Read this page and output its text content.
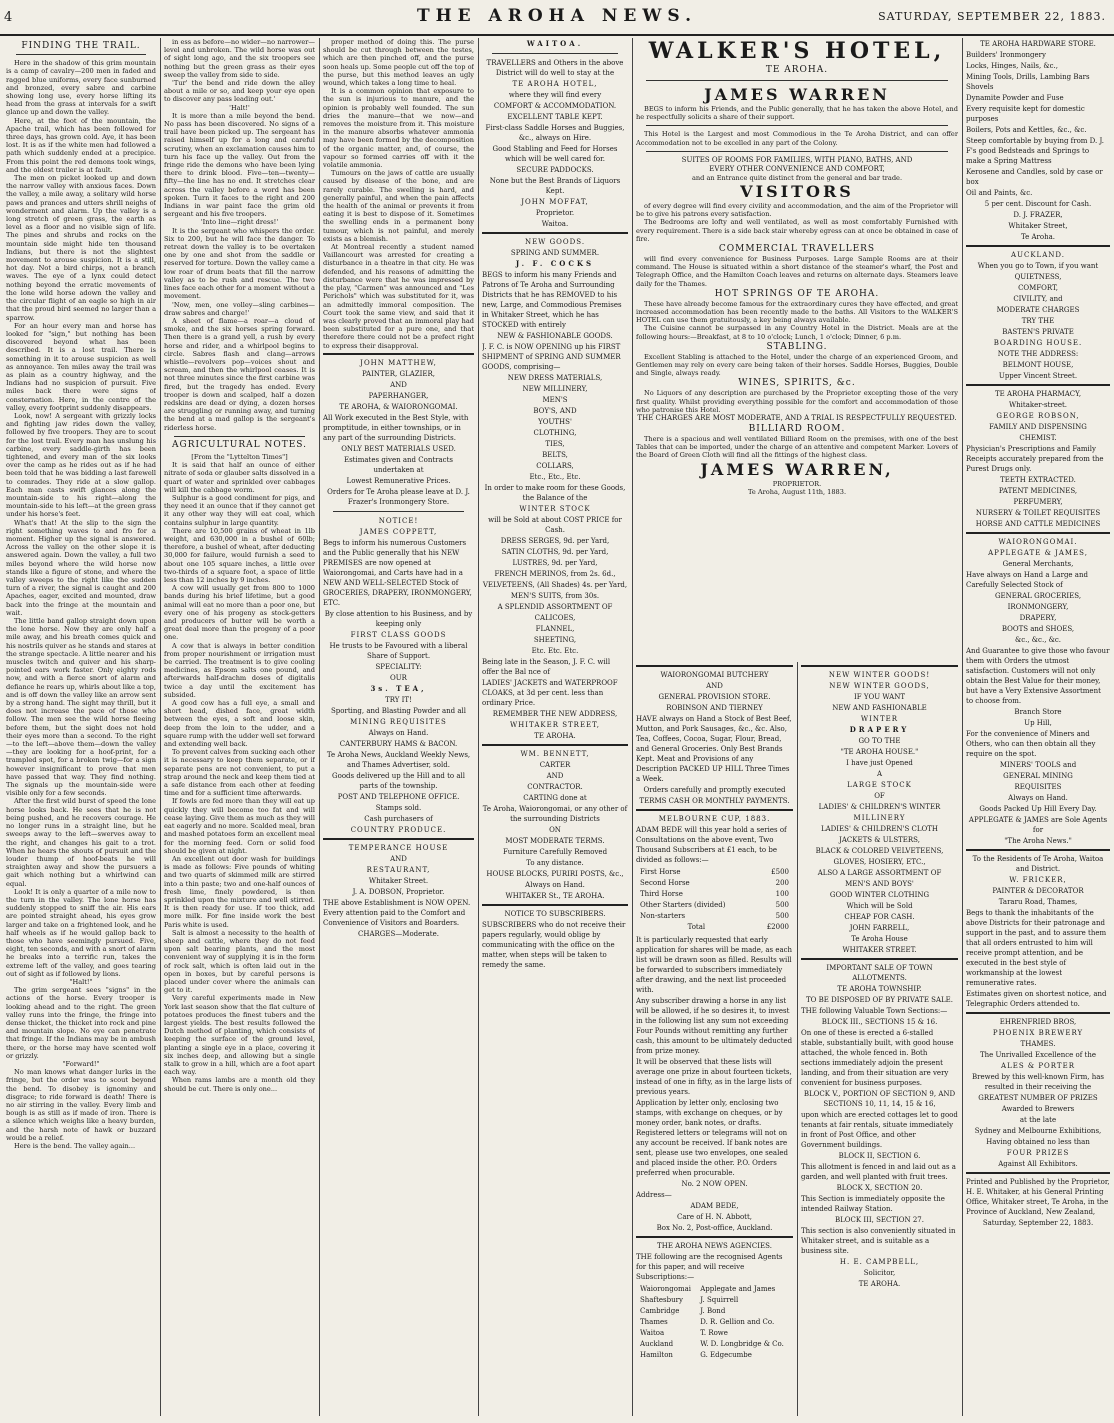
4	THE AROHA NEWS.	SATURDAY, SEPTEMBER 22, 1883.
FINDING THE TRAIL.

Here in the shadow of this grim mountain is a camp of cavalry—200 men in faded and ragged blue uniforms, every face sunburned and bronzed, every sabre and carbine showing long use, every horse lifting its head from the grass at intervals for a swift glance up and down the valley.

Here, at the foot of the mountain, the Apache trail, which has been followed for three days, has grown cold. Aye, it has been lost. It is as if the white men had followed a path which suddenly ended at a precipice. From this point the red demons took wings, and the oldest trailer is at fault.

The men on picket looked up and down the narrow valley with anxious faces. Down the valley, a mile away, a solitary wild horse paws and prances and utters shrill neighs of wonderment and alarm. Up the valley is a long stretch of green grass, the earth as level as a floor and no visible sign of life. The pines and shrubs and rocks on the mountain side might hide ten thousand Indians, but there is not the slightest movement to arouse suspicion. It is a still, hot day. Not a bird chirps, not a branch waves. The eye of a lynx could detect nothing beyond the erratic movements of the lone wild horse adown the valley and the circular flight of an eagle so high in air that the proud bird seemed no larger than a sparrow.

For an hour every man and horse has looked for "sign," but nothing has been discovered beyond what has been described. It is a lost trail. There is something in it to arouse suspicion as well as annoyance. Ten miles away the trail was as plain as a country highway, and the Indians had no suspicion of pursuit. Five miles back there were signs of consternation. Here, in the centre of the valley, every footprint suddenly disappears.

Look, now! A sergeant with grizzly locks and fighting jaw rides down the valley, followed by five troopers. They are to scout for the lost trail. Every man has unslung his carbine, every saddle-girth has been tightened, and every man of the six looks over the camp as he rides out as if he had been told that he was bidding a last farewell to comrades. They ride at a slow gallop. Each man casts swift glances along the mountain-side to his right—along the mountain-side to his left—at the green grass under his horse's feet.

What's that! At the slip to the sign the right something waves to and fro for a moment. Higher up the signal is answered. Across the valley on the other slope it is answered again. Down the valley, a full two miles beyond where the wild horse now stands like a figure of stone, and where the valley sweeps to the right like the sudden turn of a river, the signal is caught and 200 Apaches, eager, excited and mounted, draw back into the fringe at the mountain and wait.

The little band gallop straight down upon the lone horse. Now they are only half a mile away, and his breath comes quick and his nostrils quiver as he stands and stares at the strange spectacle. A little nearer and his muscles twitch and quiver and his sharp-pointed ears work faster. Only eighty rods now, and with a fierce snort of alarm and defiance he rears up, whirls about like a top, and is off down the valley like an arrow sent by a strong hand. The sight may thrill, but it does not increase the pace of those who follow. The men see the wild horse fleeing before them, but the sight does not hold their eyes more than a second. To the right—to the left—above them—down the valley—they are looking for a hoof-print, for a trampled spot, for a broken twig—for a sign however insignificant to prove that men have passed that way. They find nothing. The signals up the mountain-side were visible only for a few seconds.

After the first wild burst of speed the lone horse looks back. He sees that he is not being pushed, and he recovers courage. He no longer runs in a straight line, but he sweeps away to the left—swerves away to the right, and changes his gait to a trot. When he hears the shouts of pursuit and the louder thump of hoof-beats he will straighten away and show the pursuers a gait which nothing but a whirlwind can equal.

Look! It is only a quarter of a mile now to the turn in the valley. The lone horse has suddenly stopped to sniff the air. His ears are pointed straight ahead, his eyes grow larger and take on a frightened look, and he half wheels as if he would gallop back to those who have seemingly pursued. Five, eight, ten seconds, and with a snort of alarm he breaks into a terrific run, takes the extreme left of the valley, and goes tearing out of sight as if followed by lions.

"Halt!"

The grim sergeant sees "signs" in the actions of the horse. Every trooper is looking ahead and to the right. The green valley runs into the fringe, the fringe into dense thicket, the thicket into rock and pine and mountain slope. No eye can penetrate that fringe. If the Indians may be in ambush there, or the horse may have scented wolf or grizzly.

"Forward!"

No man knows what danger lurks in the fringe, but the order was to scout beyond the bend. To disobey is ignominy and disgrace; to ride forward is death! There is no air stirring in the valley. Every limb and bough is as still as if made of iron. There is a silence which weighs like a heavy burden, and the harsh note of hawk or buzzard would be a relief.

Here is the bend. The valley again...

in ess as before—no wider—no narrower—level and unbroken. The wild horse was out of sight long ago, and the six troopers see nothing but the green grass as their eyes sweep the valley from side to side.

'Tur' the bend and ride down the alley about a mile or so, and keep your eye open to discover any pass leading out.'

'Halt!'

It is more than a mile beyond the bend. No pass has been discovered. No signs of a trail have been picked up. The sergeant has raised himself up for a long and careful scrutiny, when an exclamation causes him to turn his face up the valley. Out from the fringe ride the demons who have been lying there to drink blood. Five—ten—twenty—fifty—the line has no end. It stretches clear across the valley before a word has been spoken. Turn it faces to the right and 200 Indians in war paint face the grim old sergeant and his five troopers.

'Into line—right dress!'

It is the sergeant who whispers the order. Six to 200, but he will face the danger. To retreat down the valley is to be overtaken one by one and shot from the saddle or reserved for torture. Down the valley came a low roar of drum beats that fill the narrow valley as to be rush and rescue. The two lines face each other for a moment without a movement.

'Now, men, one volley—sling carbines—draw sabres and charge!'

A sheet of flame—a roar—a cloud of smoke, and the six horses spring forward. Then there is a grand yell, a rush by every horse and rider, and a whirlpool begins to circle. Sabres flash and clang—arrows whistle—revolvers pop—voices shout and scream, and then the whirlpool ceases. It is not three minutes since the first carbine was fired, but the tragedy has ended. Every trooper is down and scalped, half a dozen redskins are dead or dying, a dozen horses are struggling or running away, and turning the bend at a mad gallop is the sergeant's riderless horse.

AGRICULTURAL NOTES.

[From the "Lyttelton Times"]

It is said that half an ounce of either nitrate of soda or glauber salts dissolved in a quart of water and sprinkled over cabbages will kill the cabbage worm.

Sulphur is a good condiment for pigs, and they need it an ounce that if they cannot get it any other way they will eat coal, which contains sulphur in large quantity.

There are 10,500 grains of wheat in 1lb weight, and 630,000 in a bushel of 60lb; therefore, a bushel of wheat, after deducting 30,000 for failure, would furnish a seed to about one 105 square inches, a little over two-thirds of a square foot, a space of little less than 12 inches by 9 inches.

A cow will usually get from 800 to 1000 bands during his brief lifetime, but a good animal will eat no more than a poor one, but every one of his progeny as stock-getters and producers of butter will be worth a great deal more than the progeny of a poor one.

A cow that is always in better condition from proper nourishment or irrigation must be carried. The treatment is to give cooling medicines, as Epsom salts one pound, and afterwards half-drachm doses of digitalis twice a day until the excitement has subsided.

A good cow has a full eye, a small and short head, dished face, great width between the eyes, a soft and loose skin, deep from the loin to the udder, and a square rump with the udder well set forward and extending well back.

To prevent calves from sucking each other it is necessary to keep them separate, or if separate pens are not convenient, to put a strap around the neck and keep them tied at a safe distance from each other at feeding time and for a sufficient time afterwards.

If fowls are fed more than they will eat up quickly they will become too fat and will cease laying. Give them as much as they will eat eagerly and no more. Scalded meal, bran and mashed potatoes form an excellent meal for the morning feed. Corn or solid food should be given at night.

An excellent out door wash for buildings is made as follows: Five pounds of whiting and two quarts of skimmed milk are stirred into a thin paste; two and one-half ounces of fresh lime, finely powdered, is then sprinkled upon the mixture and well stirred. It is then ready for use. If too thick, add more milk. For fine inside work the best Paris white is used.

Salt is almost a necessity to the health of sheep and cattle, where they do not feed upon salt bearing plants, and the most convenient way of supplying it is in the form of rock salt, which is often laid out in the open in boxes, but by careful persons is placed under cover where the animals can get to it.

Very careful experiments made in New York last season show that the flat culture of potatoes produces the finest tubers and the largest yields. The best results followed the Dutch method of planting, which consists of keeping the surface of the ground level, planting a single eye in a place, covering it six inches deep, and allowing but a single stalk to grow in a hill, which are a foot apart each way.

When rams lambs are a month old they should be cut. There is only one...

proper method of doing this. The purse should be cut through between the testes, which are then pinched off, and the purse soon heals up. Some people cut off the top of the purse, but this method leaves an ugly wound, which takes a long time to heal.

It is a common opinion that exposure to the sun is injurious to manure, and the opinion is probably well founded. The sun dries the manure—that we now—and removes the moisture from it. This moisture in the manure absorbs whatever ammonia may have been formed by the decomposition of the organic matter, and, of course, the vapour so formed carries off with it the volatile ammonia.

Tumours on the jaws of cattle are usually caused by disease of the bone, and are rarely curable. The swelling is hard, and generally painful, and when the pain affects the health of the animal or prevents it from eating it is best to dispose of it. Sometimes the swelling ends in a permanent bony tumour, which is not painful, and merely exists as a blemish.

At Montreal recently a student named Vaillancourt was arrested for creating a disturbance in a theatre in that city. He was defended, and his reasons of admitting the disturbance were that he was impressed by the play, "Carmen" was announced and "Les Perichols" which was substituted for it, was an admittedly immoral composition. The Court took the same view, and said that it was clearly proved that an immoral play had been substituted for a pure one, and that therefore there could not be a prefect right to express their disapproval.

JOHN MATTHEW,

PAINTER, GLAZIER,

AND

PAPERHANGER,

TE AROHA, & WAIORONGOMAI.

All Work executed in the Best Style, with promptitude, in either townships, or in any part of the surrounding Districts.

ONLY BEST MATERIALS USED.

Estimates given and Contracts undertaken at

Lowest Remunerative Prices.

Orders for Te Aroha please leave at D. J. Frazer's Ironmongery Store.

NOTICE!

JAMES COPPETT,

Begs to inform his numerous Customers and the Public generally that his NEW PREMISES are now opened at Waiorongomai, and Carts have had in a NEW AND WELL-SELECTED Stock of GROCERIES, DRAPERY, IRONMONGERY, ETC.

By close attention to his Business, and by keeping only

FIRST CLASS GOODS

He trusts to be Favoured with a liberal Share of Support.

SPECIALITY:

OUR

3s. TEA,

TRY IT!

Sporting, and Blasting Powder and all

MINING REQUISITES

Always on Hand.

CANTERBURY HAMS & BACON.

Te Aroha News, Auckland Weekly News, and Thames Advertiser, sold.

Goods delivered up the Hill and to all parts of the township.

POST AND TELEPHONE OFFICE.

Stamps sold.

Cash purchasers of

COUNTRY PRODUCE.

TEMPERANCE HOUSE

AND

RESTAURANT,

Whitaker Street.

J. A. DOBSON, Proprietor.

THE above Establishment is NOW OPEN. Every attention paid to the Comfort and Convenience of Visitors and Boarders.

CHARGES—Moderate.

WAITOA.

TRAVELLERS and Others in the above District will do well to stay at the

TE AROHA HOTEL,

where they will find every

COMFORT & ACCOMMODATION.

EXCELLENT TABLE KEPT.

First-class Saddle Horses and Buggies, &c., always on Hire.

Good Stabling and Feed for Horses which will be well cared for.

SECURE PADDOCKS.

None but the Best Brands of Liquors Kept.

JOHN MOFFAT,

Proprietor.

Waitoa.

NEW GOODS.

SPRING AND SUMMER.

J. F. COCKS

BEGS to inform his many Friends and Patrons of Te Aroha and Surrounding Districts that he has REMOVED to his new, Large, and Commodious Premises in Whitaker Street, which he has STOCKED with entirely

NEW & FASHIONABLE GOODS.

J. F. C. is NOW OPENING up his FIRST SHIPMENT of SPRING AND SUMMER GOODS, comprising—

NEW DRESS MATERIALS,

NEW MILLINERY,

MEN'S

BOY'S, AND

YOUTHS'

CLOTHING,

TIES,

BELTS,

COLLARS,

Etc., Etc., Etc.

In order to make room for these Goods, the Balance of the

WINTER STOCK

will be Sold at about COST PRICE for Cash.

DRESS SERGES, 9d. per Yard,

SATIN CLOTHS, 9d. per Yard,

LUSTRES, 9d. per Yard,

FRENCH MERINOS, from 2s. 6d.,

VELVETEENS, (All Shades) 4s. per Yard,

MEN'S SUITS, from 30s.

A SPLENDID ASSORTMENT OF

CALICOES,

FLANNEL,

SHEETING,

Etc. Etc. Etc.

Being late in the Season, J. F. C. will offer the Bal nce of

LADIES' JACKETS and WATERPROOF CLOAKS, at 3d per cent. less than ordinary Price.

REMEMBER THE NEW ADDRESS,

WHITAKER STREET,

TE AROHA.

WM. BENNETT,

CARTER

AND

CONTRACTOR.

CARTING done at

Te Aroha, Waiorongomai, or any other of the surrounding Districts

ON

MOST MODERATE TERMS.

Furniture Carefully Removed

To any distance.

HOUSE BLOCKS, PURIRI POSTS, &c.,

Always on Hand.

WHITAKER St., TE AROHA.

NOTICE TO SUBSCRIBERS.

SUBSCRIBERS who do not receive their papers regularly, would oblige by communicating with the office on the matter, when steps will be taken to remedy the same.

WALKER'S HOTEL,

TE AROHA.

JAMES WARREN

BEGS to inform his Friends, and the Public generally, that he has taken the above Hotel, and he respectfully solicits a share of their support.

This Hotel is the Largest and most Commodious in the Te Aroha District, and can offer Accommodation not to be excelled in any part of the Colony.

SUITES OF ROOMS FOR FAMILIES, WITH PIANO, BATHS, AND

EVERY OTHER CONVENIENCE AND COMFORT,

and an Entrance quite distinct from the general and bar trade.

VISITORS

of every degree will find every civility and accommodation, and the aim of the Proprietor will be to give his patrons every satisfaction.

The Bedrooms are lofty and well ventilated, as well as most comfortably Furnished with every requirement. There is a side back stair whereby egress can at once be obtained in case of fire.

COMMERCIAL TRAVELLERS

will find every convenience for Business Purposes. Large Sample Rooms are at their command. The House is situated within a short distance of the steamer's wharf, the Post and Telegraph Office, and the Hamilton Coach leaves and returns on alternate days. Steamers leave daily for the Thames.

HOT SPRINGS OF TE AROHA.

These have already become famous for the extraordinary cures they have effected, and great increased accommodation has been recently made to the baths. All Visitors to the WALKER'S HOTEL can use them gratuitously, a key being always available.

The Cuisine cannot be surpassed in any Country Hotel in the District. Meals are at the following hours:—Breakfast, at 8 to 10 o'clock; Lunch, 1 o'clock; Dinner, 6 p.m.

STABLING.

Excellent Stabling is attached to the Hotel, under the charge of an experienced Groom, and Gentlemen may rely on every care being taken of their horses. Saddle Horses, Buggies, Double and Single, always ready.

WINES, SPIRITS, &c.

No Liquors of any description are purchased by the Proprietor excepting those of the very first quality. Whilst providing everything possible for the comfort and accommodation of those who patronise this Hotel.

THE CHARGES ARE MOST MODERATE, AND A TRIAL IS RESPECTFULLY REQUESTED.

BILLIARD ROOM.

There is a spacious and well ventilated Billiard Room on the premises, with one of the best Tables that can be imported, under the charge of an attentive and competent Marker. Lovers of the Board of Green Cloth will find all the fittings of the highest class.

JAMES WARREN,

PROPRIETOR.

Te Aroha, August 11th, 1883.

WAIORONGOMAI BUTCHERY

AND

GENERAL PROVISION STORE.

ROBINSON AND TIERNEY

HAVE always on Hand a Stock of Best Beef, Mutton, and Pork Sausages, &c., &c. Also, Tea, Coffees, Cocoa, Sugar, Flour, Bread, and General Groceries. Only Best Brands Kept. Meat and Provisions of any Description PACKED UP HILL Three Times a Week.

Orders carefully and promptly executed

TERMS CASH OR MONTHLY PAYMENTS.

MELBOURNE CUP, 1883.

ADAM BEDE will this year hold a series of Consultations on the above event, Two Thousand Subscribers at £1 each, to be divided as follows:—

First Horse	£500
Second Horse	200
Third Horse	100
Other Starters (divided)	500
Non-starters	500
Total	£2000

It is particularly requested that early application for shares will be made, as each list will be drawn soon as filled. Results will be forwarded to subscribers immediately after drawing, and the next list proceeded with.

Any subscriber drawing a horse in any list will be allowed, if he so desires it, to invest in the following list any sum not exceeding Four Pounds without remitting any further cash, this amount to be ultimately deducted from prize money.

It will be observed that these lists will average one prize in about fourteen tickets, instead of one in fifty, as in the large lists of previous years.

Application by letter only, enclosing two stamps, with exchange on cheques, or by money order, bank notes, or drafts. Registered letters or telegrams will not on any account be received. If bank notes are sent, please use two envelopes, one sealed and placed inside the other. P.O. Orders preferred when procurable.

No. 2 NOW OPEN.

Address—

ADAM BEDE,

Care of H. N. Abbott,

Box No. 2, Post-office, Auckland.

THE AROHA NEWS AGENCIES.

THE following are the recognised Agents for this paper, and will receive Subscriptions:—

Waiorongomai	Applegate and James
Shaftesbury	J. Squirrell
Cambridge	J. Bond
Thames	D. R. Gellion and Co.
Waitoa	T. Rowe
Auckland	W. D. Longbridge & Co.
Hamilton	G. Edgecumbe

NEW WINTER GOODS!

NEW WINTER GOODS,

IF YOU WANT

NEW AND FASHIONABLE

WINTER

DRAPERY

GO TO THE

"TE AROHA HOUSE."

I have just Opened

A

LARGE STOCK

OF

LADIES' & CHILDREN'S WINTER

MILLINERY

LADIES' & CHILDREN'S CLOTH

JACKETS & ULSTERS,

BLACK & COLORED VELVETEENS,

GLOVES, HOSIERY, ETC.,

ALSO A LARGE ASSORTMENT OF

MEN'S AND BOYS'

GOOD WINTER CLOTHING

Which will be Sold

CHEAP FOR CASH.

JOHN FARRELL,

Te Aroha House

WHITAKER STREET.

IMPORTANT SALE OF TOWN ALLOTMENTS.

TE AROHA TOWNSHIP.

TO BE DISPOSED OF BY PRIVATE SALE.

THE following Valuable Town Sections:—

BLOCK III., SECTIONS 15 & 16.

On one of these is erected a 6-stalled stable, substantially built, with good house attached, the whole fenced in. Both sections immediately adjoin the present landing, and from their situation are very convenient for business purposes.

BLOCK V., PORTION OF SECTION 9, AND SECTIONS 10, 11, 14, 15 & 16,

upon which are erected cottages let to good tenants at fair rentals, situate immediately in front of Post Office, and other Government buildings.

BLOCK II, SECTION 6.

This allotment is fenced in and laid out as a garden, and well planted with fruit trees.

BLOCK X, SECTION 20.

This Section is immediately opposite the intended Railway Station.

BLOCK III, SECTION 27.

This section is also conveniently situated in Whitaker street, and is suitable as a business site.

H. E. CAMPBELL,

Solicitor,

TE AROHA.

TE AROHA HARDWARE STORE.

Builders' Ironmongery

Locks, Hinges, Nails, &c.,

Mining Tools, Drills, Lambing Bars Shovels

Dynamite Powder and Fuse

Every requisite kept for domestic purposes

Boilers, Pots and Kettles, &c., &c.

Steep comfortable by buying from D. J. F's good Bedsteads and Springs to make a Spring Mattress

Kerosene and Candles, sold by case or box

Oil and Paints, &c.

5 per cent. Discount for Cash.

D. J. FRAZER,

Whitaker Street,

Te Aroha.

AUCKLAND.

When you go to Town, if you want

QUIETNESS,

COMFORT,

CIVILITY, and

MODERATE CHARGES

TRY THE

BASTEN'S PRIVATE

BOARDING HOUSE.

NOTE THE ADDRESS:

BELMONT HOUSE,

Upper Vincent Street.

TE AROHA PHARMACY,

Whitaker-street.

GEORGE ROBSON,

FAMILY AND DISPENSING

CHEMIST.

Physician's Prescriptions and Family Receipts accurately prepared from the Purest Drugs only.

TEETH EXTRACTED.

PATENT MEDICINES,

PERFUMERY,

NURSERY & TOILET REQUISITES

HORSE AND CATTLE MEDICINES

WAIORONGOMAI.

APPLEGATE & JAMES,

General Merchants,

Have always on Hand a Large and Carefully Selected Stock of

GENERAL GROCERIES,

IRONMONGERY,

DRAPERY,

BOOTS and SHOES,

&c., &c., &c.

And Guarantee to give those who favour them with Orders the utmost satisfaction. Customers will not only obtain the Best Value for their money, but have a Very Extensive Assortment to choose from.

Branch Store

Up Hill,

For the convenience of Miners and Others, who can then obtain all they require on the spot.

MINERS' TOOLS and

GENERAL MINING

REQUISITES

Always on Hand.

Goods Packed Up Hill Every Day.

APPLEGATE & JAMES are Sole Agents for

"The Aroha News."

To the Residents of Te Aroha, Waitoa and District.

W. FRICKER,

PAINTER & DECORATOR

Tararu Road, Thames,

Begs to thank the inhabitants of the above Districts for their patronage and support in the past, and to assure them that all orders entrusted to him will receive prompt attention, and be executed in the best style of workmanship at the lowest remunerative rates.

Estimates given on shortest notice, and Telegraphic Orders attended to.

EHRENFRIED BROS,

PHOENIX BREWERY

THAMES.

The Unrivalled Excellence of the

ALES & PORTER

Brewed by this well-known Firm, has resulted in their receiving the

GREATEST NUMBER OF PRIZES

Awarded to Brewers

at the late

Sydney and Melbourne Exhibitions,

Having obtained no less than

FOUR PRIZES

Against All Exhibitors.

Printed and Published by the Proprietor, H. E. Whitaker, at his General Printing Office, Whitaker street, Te Aroha, in the Province of Auckland, New Zealand,

Saturday, September 22, 1883.
